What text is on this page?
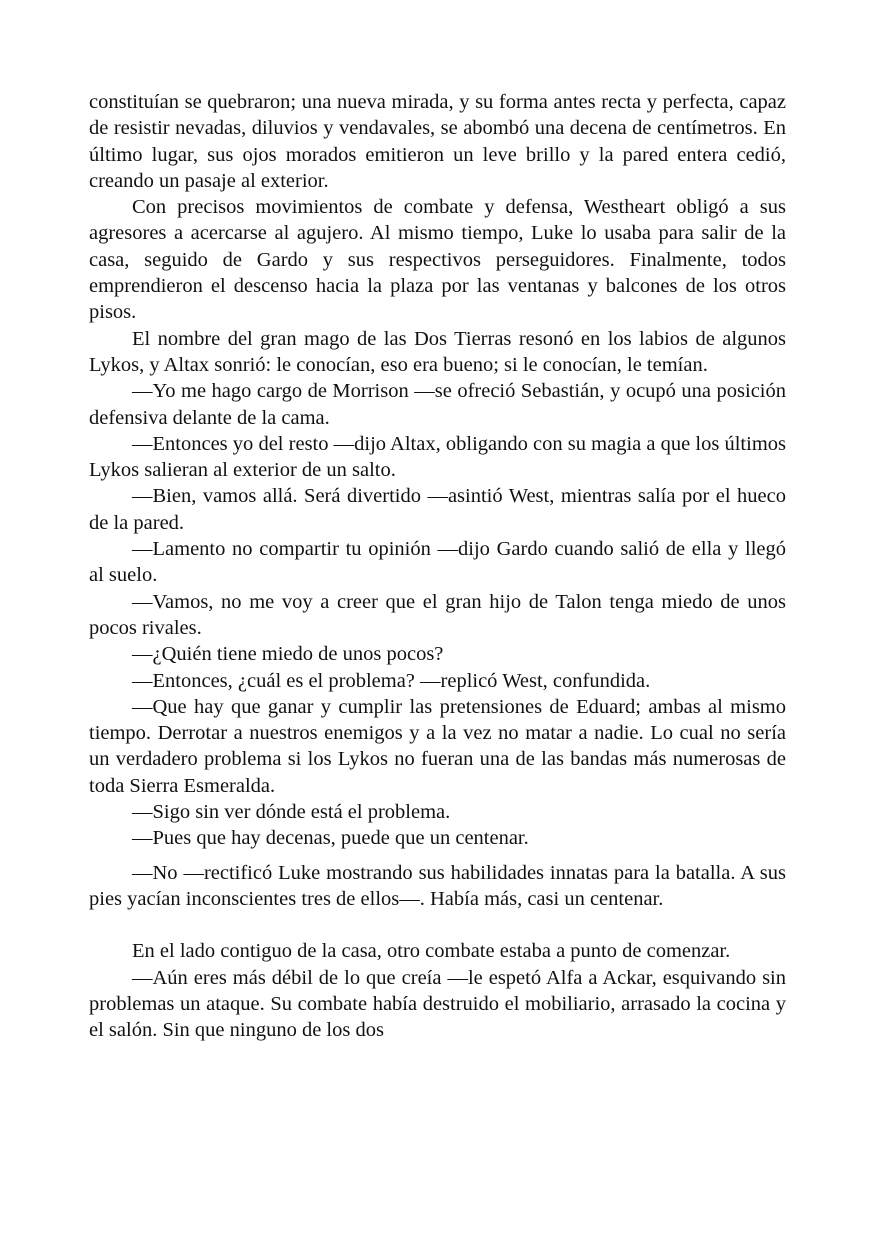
constituían se quebraron; una nueva mirada, y su forma antes recta y perfecta, capaz de resistir nevadas, diluvios y vendavales, se abombó una decena de centímetros. En último lugar, sus ojos morados emitieron un leve brillo y la pared entera cedió, creando un pasaje al exterior.

Con precisos movimientos de combate y defensa, Westheart obligó a sus agresores a acercarse al agujero. Al mismo tiempo, Luke lo usaba para salir de la casa, seguido de Gardo y sus respectivos perseguidores. Finalmente, todos emprendieron el descenso hacia la plaza por las ventanas y balcones de los otros pisos.

El nombre del gran mago de las Dos Tierras resonó en los labios de algunos Lykos, y Altax sonrió: le conocían, eso era bueno; si le conocían, le temían.

—Yo me hago cargo de Morrison —se ofreció Sebastián, y ocupó una posición defensiva delante de la cama.

—Entonces yo del resto —dijo Altax, obligando con su magia a que los últimos Lykos salieran al exterior de un salto.

—Bien, vamos allá. Será divertido —asintió West, mientras salía por el hueco de la pared.

—Lamento no compartir tu opinión —dijo Gardo cuando salió de ella y llegó al suelo.

—Vamos, no me voy a creer que el gran hijo de Talon tenga miedo de unos pocos rivales.

—¿Quién tiene miedo de unos pocos?

—Entonces, ¿cuál es el problema? —replicó West, confundida.

—Que hay que ganar y cumplir las pretensiones de Eduard; ambas al mismo tiempo. Derrotar a nuestros enemigos y a la vez no matar a nadie. Lo cual no sería un verdadero problema si los Lykos no fueran una de las bandas más numerosas de toda Sierra Esmeralda.

—Sigo sin ver dónde está el problema.

—Pues que hay decenas, puede que un centenar.

—No —rectificó Luke mostrando sus habilidades innatas para la batalla. A sus pies yacían inconscientes tres de ellos—. Había más, casi un centenar.

En el lado contiguo de la casa, otro combate estaba a punto de comenzar.

—Aún eres más débil de lo que creía —le espetó Alfa a Ackar, esquivando sin problemas un ataque. Su combate había destruido el mobiliario, arrasado la cocina y el salón. Sin que ninguno de los dos
